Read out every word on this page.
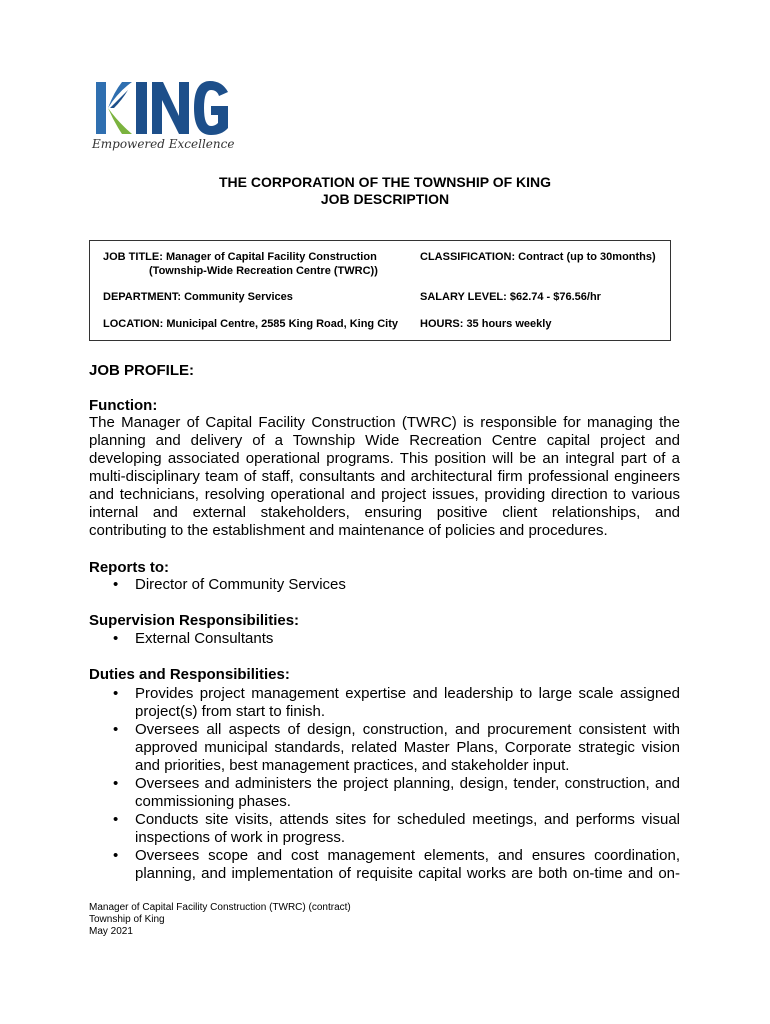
Empowered Excellence
THE CORPORATION OF THE TOWNSHIP OF KING
JOB DESCRIPTION
JOB TITLE: Manager of Capital Facility Construction
(Township-Wide Recreation Centre (TWRC))
CLASSIFICATION: Contract (up to 30months)
DEPARTMENT: Community Services	SALARY LEVEL: $62.74 - $76.56/hr
LOCATION: Municipal Centre, 2585 King Road, King City HOURS: 35 hours weekly
JOB PROFILE:
Function:
The Manager of Capital Facility Construction (TWRC) is responsible for managing the
planning and delivery of a Township Wide Recreation Centre capital project and
developing associated operational programs. This position will be an integral part of a
multi-disciplinary team of staff, consultants and architectural firm professional engineers
and technicians, resolving operational and project issues, providing direction to various
internal and external stakeholders, ensuring positive client relationships, and
contributing to the establishment and maintenance of policies and procedures.
Reports to:
• Director of Community Services
Supervision Responsibilities:
• External Consultants
Duties and Responsibilities:
• Provides project management expertise and leadership to large scale assigned
project(s) from start to finish.
• Oversees all aspects of design, construction, and procurement consistent with
approved municipal standards, related Master Plans, Corporate strategic vision
and priorities, best management practices, and stakeholder input.
• Oversees and administers the project planning, design, tender, construction, and
commissioning phases.
• Conducts site visits, attends sites for scheduled meetings, and performs visual
inspections of work in progress.
• Oversees scope and cost management elements, and ensures coordination,
planning, and implementation of requisite capital works are both on-time and on-
Manager of Capital Facility Construction (TWRC) (contract)
Township of King
May 2021
